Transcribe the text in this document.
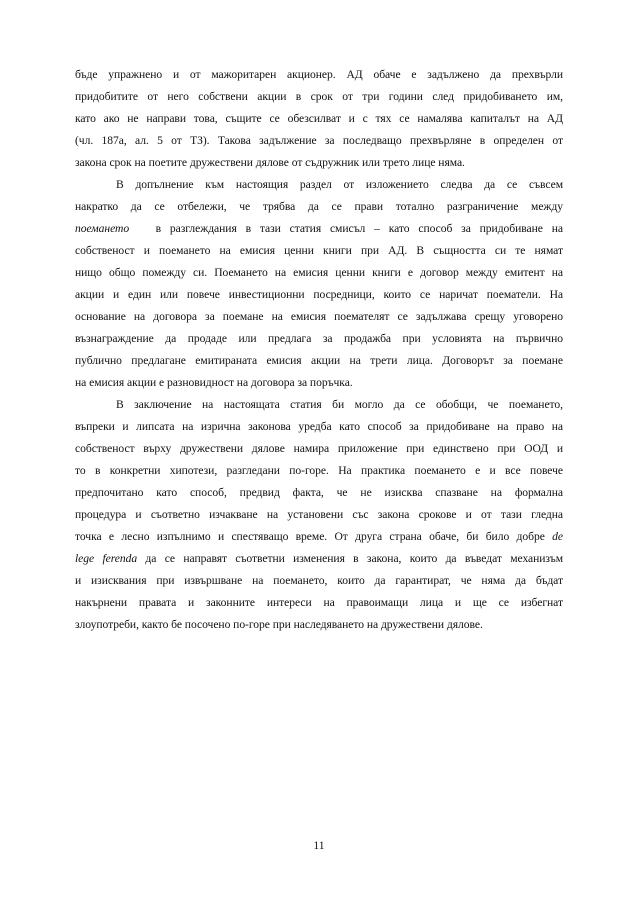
бъде упражнено и от мажоритарен акционер. АД обаче е задължено да прехвърли
придобитите от него собствени акции в срок от три години след придобиването им,
като ако не направи това, същите се обезсилват и с тях се намалява капиталът на АД
(чл. 187а, ал. 5 от ТЗ). Такова задължение за последващо прехвърляне в определен от
закона срок на поетите дружествени дялове от съдружник или трето лице няма.
В допълнение към настоящия раздел от изложението следва да се съвсем
накратко да се отбележи, че трябва да се прави тотално разграничение между
поемането в разглеждания в тази статия смисъл – като способ за придобиване на
собственост и поемането на емисия ценни книги при АД. В същността си те нямат
нищо общо помежду си. Поемането на емисия ценни книги е договор между емитент на
акции и един или повече инвестиционни посредници, които се наричат поематели. На
основание на договора за поемане на емисия поемателят се задължава срещу уговорено
възнаграждение да продаде или предлага за продажба при условията на първично
публично предлагане емитираната емисия акции на трети лица. Договорът за поемане
на емисия акции е разновидност на договора за поръчка.
В заключение на настоящата статия би могло да се обобщи, че поемането,
въпреки и липсата на изрична законова уредба като способ за придобиване на право на
собственост върху дружествени дялове намира приложение при единствено при ООД и
то в конкретни хипотези, разгледани по-горе. На практика поемането е и все повече
предпочитано като способ, предвид факта, че не изисква спазване на формална
процедура и съответно изчакване на установени със закона срокове и от тази гледна
точка е лесно изпълнимо и спестяващо време. От друга страна обаче, би било добре de
lege ferenda да се направят съответни изменения в закона, които да въведат механизъм
и изисквания при извършване на поемането, които да гарантират, че няма да бъдат
накърнени правата и законните интереси на правоимащи лица и ще се избегнат
злоупотреби, както бе посочено по-горе при наследяването на дружествени дялове.
11
